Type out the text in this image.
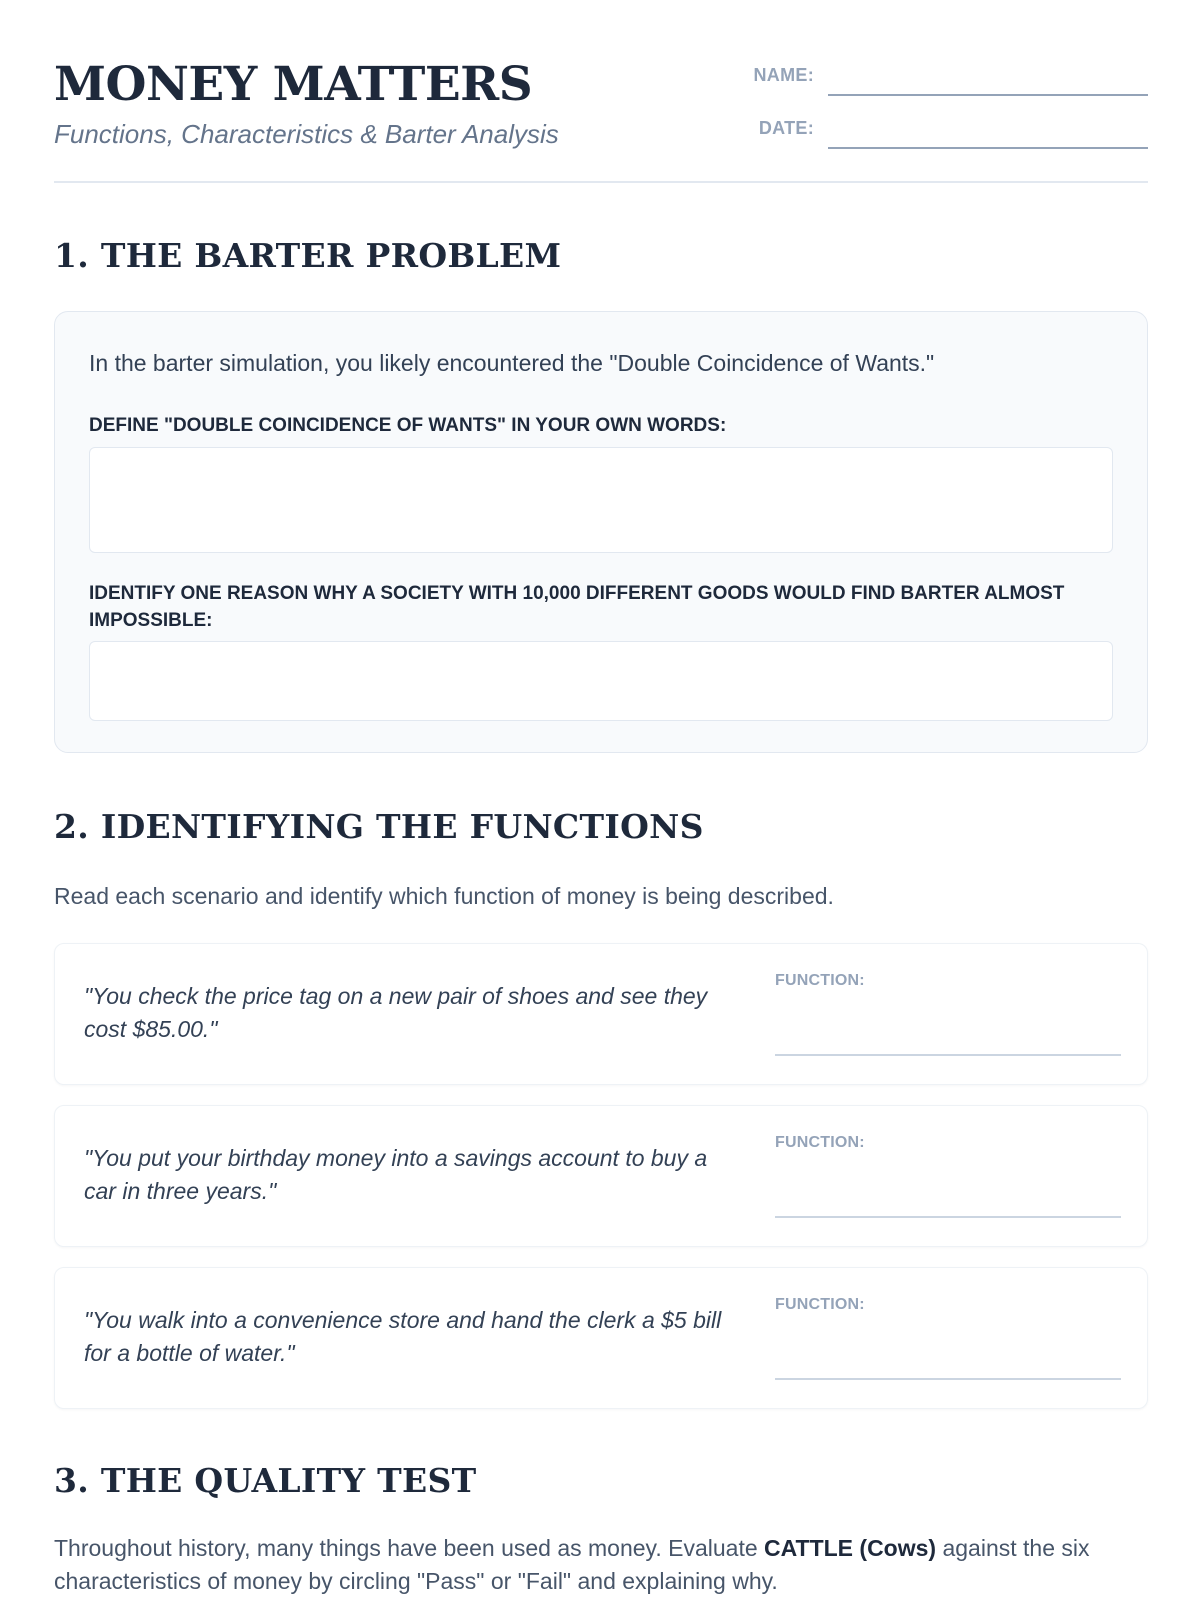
MONEY MATTERS
Functions, Characteristics & Barter Analysis
NAME:
DATE:
1. THE BARTER PROBLEM
In the barter simulation, you likely encountered the "Double Coincidence of Wants."
DEFINE "DOUBLE COINCIDENCE OF WANTS" IN YOUR OWN WORDS:
IDENTIFY ONE REASON WHY A SOCIETY WITH 10,000 DIFFERENT GOODS WOULD FIND BARTER ALMOST IMPOSSIBLE:
2. IDENTIFYING THE FUNCTIONS
Read each scenario and identify which function of money is being described.
"You check the price tag on a new pair of shoes and see they cost $85.00."
FUNCTION:
"You put your birthday money into a savings account to buy a car in three years."
FUNCTION:
"You walk into a convenience store and hand the clerk a $5 bill for a bottle of water."
FUNCTION:
3. THE QUALITY TEST
Throughout history, many things have been used as money. Evaluate CATTLE (Cows) against the six characteristics of money by circling "Pass" or "Fail" and explaining why.
